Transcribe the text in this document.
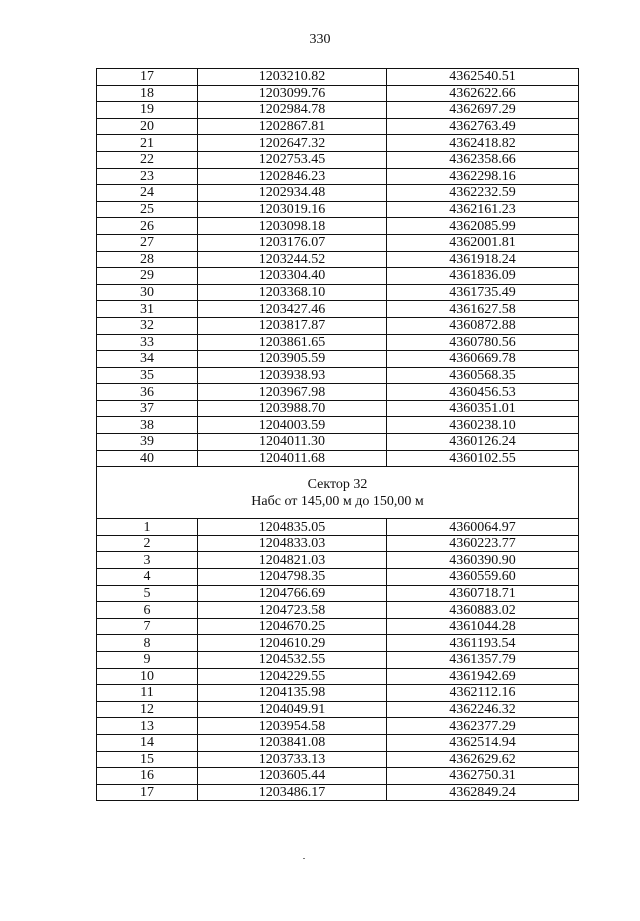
330
17	1203210.82	4362540.51
18	1203099.76	4362622.66
19	1202984.78	4362697.29
20	1202867.81	4362763.49
21	1202647.32	4362418.82
22	1202753.45	4362358.66
23	1202846.23	4362298.16
24	1202934.48	4362232.59
25	1203019.16	4362161.23
26	1203098.18	4362085.99
27	1203176.07	4362001.81
28	1203244.52	4361918.24
29	1203304.40	4361836.09
30	1203368.10	4361735.49
31	1203427.46	4361627.58
32	1203817.87	4360872.88
33	1203861.65	4360780.56
34	1203905.59	4360669.78
35	1203938.93	4360568.35
36	1203967.98	4360456.53
37	1203988.70	4360351.01
38	1204003.59	4360238.10
39	1204011.30	4360126.24
40	1204011.68	4360102.55

Сектор 32
Набс от 145,00 м до 150,00 м		

1	1204835.05	4360064.97
2	1204833.03	4360223.77
3	1204821.03	4360390.90
4	1204798.35	4360559.60
5	1204766.69	4360718.71
6	1204723.58	4360883.02
7	1204670.25	4361044.28
8	1204610.29	4361193.54
9	1204532.55	4361357.79
10	1204229.55	4361942.69
11	1204135.98	4362112.16
12	1204049.91	4362246.32
13	1203954.58	4362377.29
14	1203841.08	4362514.94
15	1203733.13	4362629.62
16	1203605.44	4362750.31
17	1203486.17	4362849.24
